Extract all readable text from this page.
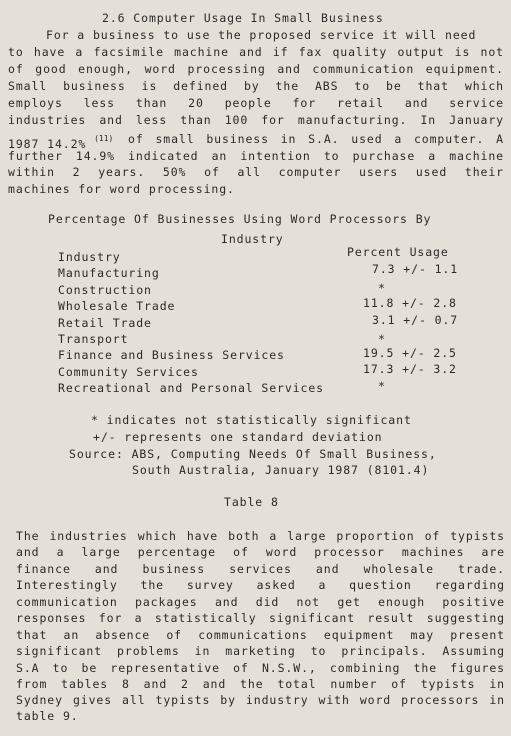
2.6 Computer Usage In Small Business
For a business to use the proposed service it will need
to have a facsimile machine and if fax quality output is not
of good enough, word processing and communication equipment.
Small business is defined by the ABS to be that which
employs less than 20 people for retail and service
industries and less than 100 for manufacturing. In January
1987 14.2% $^{(11)}$ of small business in S.A. used a computer. A
further 14.9% indicated an intention to purchase a machine
within 2 years. 50% of all computer users used their
machines for word processing.
Percentage Of Businesses Using Word Processors By
Industry
Industry	Percent Usage
Manufacturing	7.3 +/- 1.1
Construction	*
Wholesale Trade	11.8 +/- 2.8
Retail Trade	3.1 +/- 0.7
Transport	*
Finance and Business Services	19.5 +/- 2.5
Community Services	17.3 +/- 3.2
Recreational and Personal Services	*
* indicates not statistically significant
+/- represents one standard deviation
Source: ABS, Computing Needs Of Small Business,
South Australia, January 1987 (8101.4)
Table 8
The industries which have both a large proportion of typists
and a large percentage of word processor machines are
finance and business services and wholesale trade.
Interestingly the survey asked a question regarding
communication packages and did not get enough positive
responses for a statistically significant result suggesting
that an absence of communications equipment may present
significant problems in marketing to principals. Assuming
S.A to be representative of N.S.W., combining the figures
from tables 8 and 2 and the total number of typists in
Sydney gives all typists by industry with word processors in
table 9.
